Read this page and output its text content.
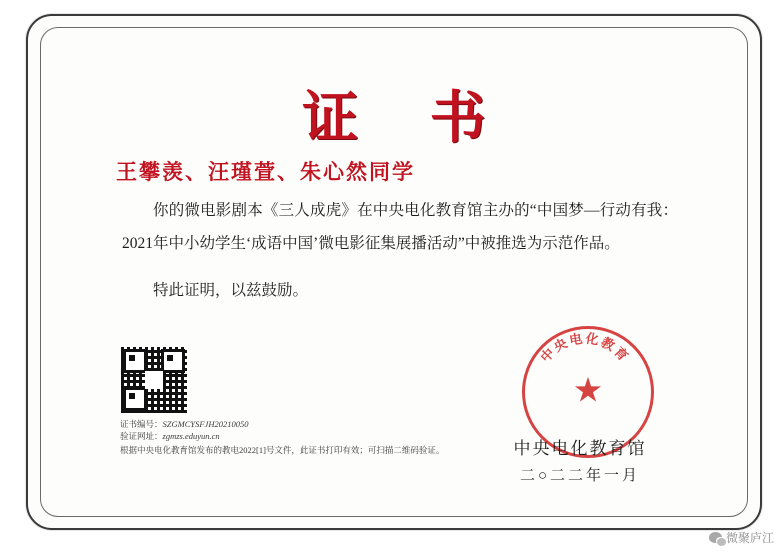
证 书
王攀羡、汪瑾萱、朱心然同学
你的微电影剧本《三人成虎》在中央电化教育馆主办的“中国梦—行动有我：2021年中小幼学生‘成语中国’微电影征集展播活动”中被推选为示范作品。
特此证明，以兹鼓励。
证书编号：SZGMCYSFJH20210050
验证网址：zgmzs.eduyun.cn
根据中央电化教育馆发布的教电2022[1]号文件，此证书打印有效；可扫描二维码验证。
中央电化教育
★
中央电化教育馆
二○二二年一月
微聚庐江
